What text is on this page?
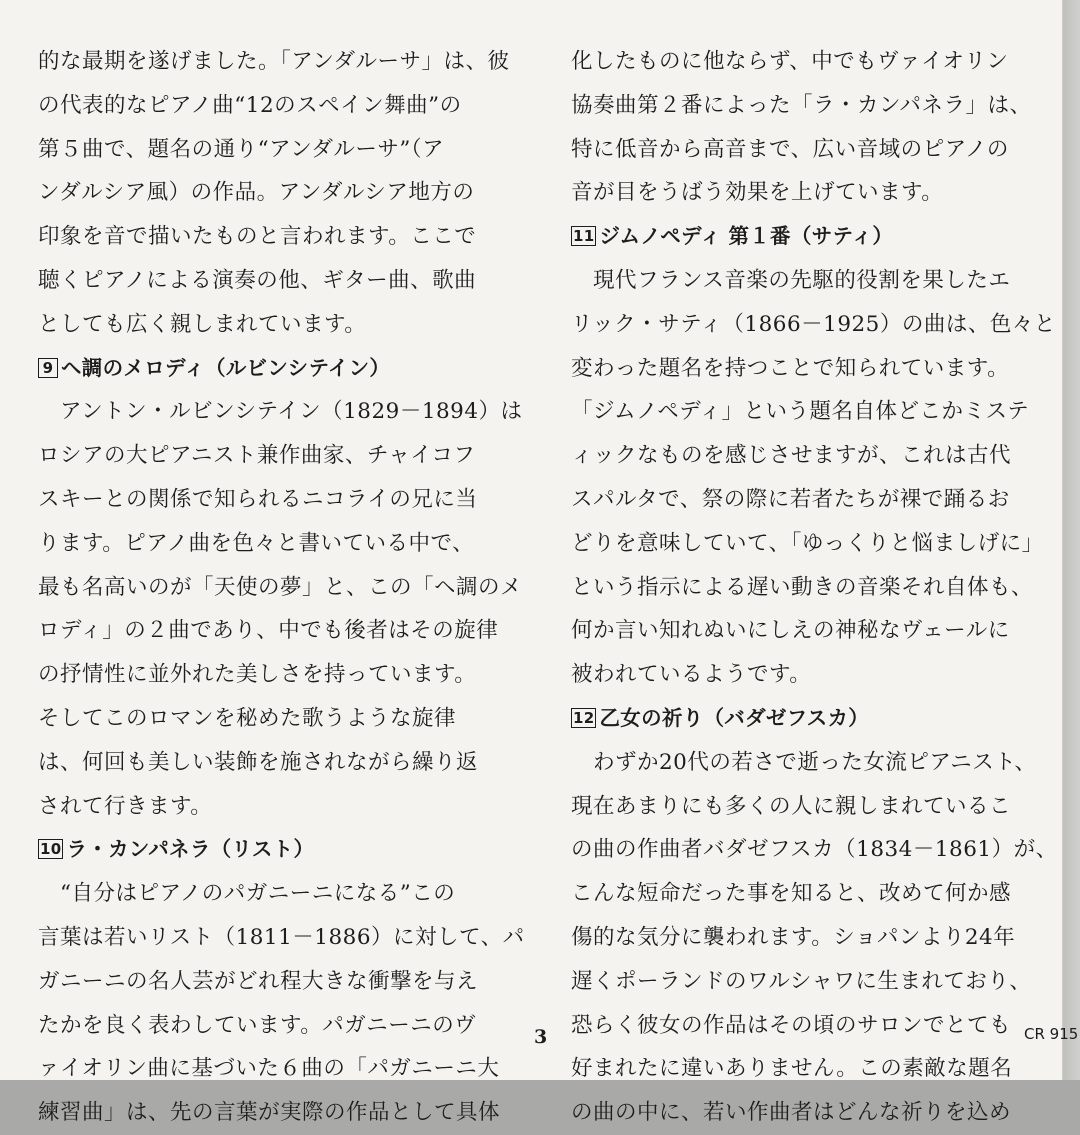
的な最期を遂げました。「アンダルーサ」は、彼
の代表的なピアノ曲“12のスペイン舞曲”の
第５曲で、題名の通り“アンダルーサ”（ア
ンダルシア風）の作品。アンダルシア地方の
印象を音で描いたものと言われます。ここで
聴くピアノによる演奏の他、ギター曲、歌曲
としても広く親しまれています。
9 ヘ調のメロディ（ルビンシテイン）
　アントン・ルビンシテイン（1829－1894）は
ロシアの大ピアニスト兼作曲家、チャイコフ
スキーとの関係で知られるニコライの兄に当
ります。ピアノ曲を色々と書いている中で、
最も名高いのが「天使の夢」と、この「ヘ調のメ
ロディ」の２曲であり、中でも後者はその旋律
の抒情性に並外れた美しさを持っています。
そしてこのロマンを秘めた歌うような旋律
は、何回も美しい装飾を施されながら繰り返
されて行きます。
10 ラ・カンパネラ（リスト）
　“自分はピアノのパガニーニになる”この
言葉は若いリスト（1811－1886）に対して、パ
ガニーニの名人芸がどれ程大きな衝撃を与え
たかを良く表わしています。パガニーニのヴ
ァイオリン曲に基づいた６曲の「パガニーニ大
練習曲」は、先の言葉が実際の作品として具体
化したものに他ならず、中でもヴァイオリン
協奏曲第２番によった「ラ・カンパネラ」は、
特に低音から高音まで、広い音域のピアノの
音が目をうばう効果を上げています。
11 ジムノペディ 第１番（サティ）
　現代フランス音楽の先駆的役割を果したエ
リック・サティ（1866－1925）の曲は、色々と
変わった題名を持つことで知られています。
「ジムノペディ」という題名自体どこかミステ
ィックなものを感じさせますが、これは古代
スパルタで、祭の際に若者たちが裸で踊るお
どりを意味していて、「ゆっくりと悩ましげに」
という指示による遅い動きの音楽それ自体も、
何か言い知れぬいにしえの神秘なヴェールに
被われているようです。
12 乙女の祈り（バダゼフスカ）
　わずか20代の若さで逝った女流ピアニスト、
現在あまりにも多くの人に親しまれているこ
の曲の作曲者バダゼフスカ（1834－1861）が、
こんな短命だった事を知ると、改めて何か感
傷的な気分に襲われます。ショパンより24年
遅くポーランドのワルシャワに生まれており、
恐らく彼女の作品はその頃のサロンでとても
好まれたに違いありません。この素敵な題名
の曲の中に、若い作曲者はどんな祈りを込め
3	CR 915
